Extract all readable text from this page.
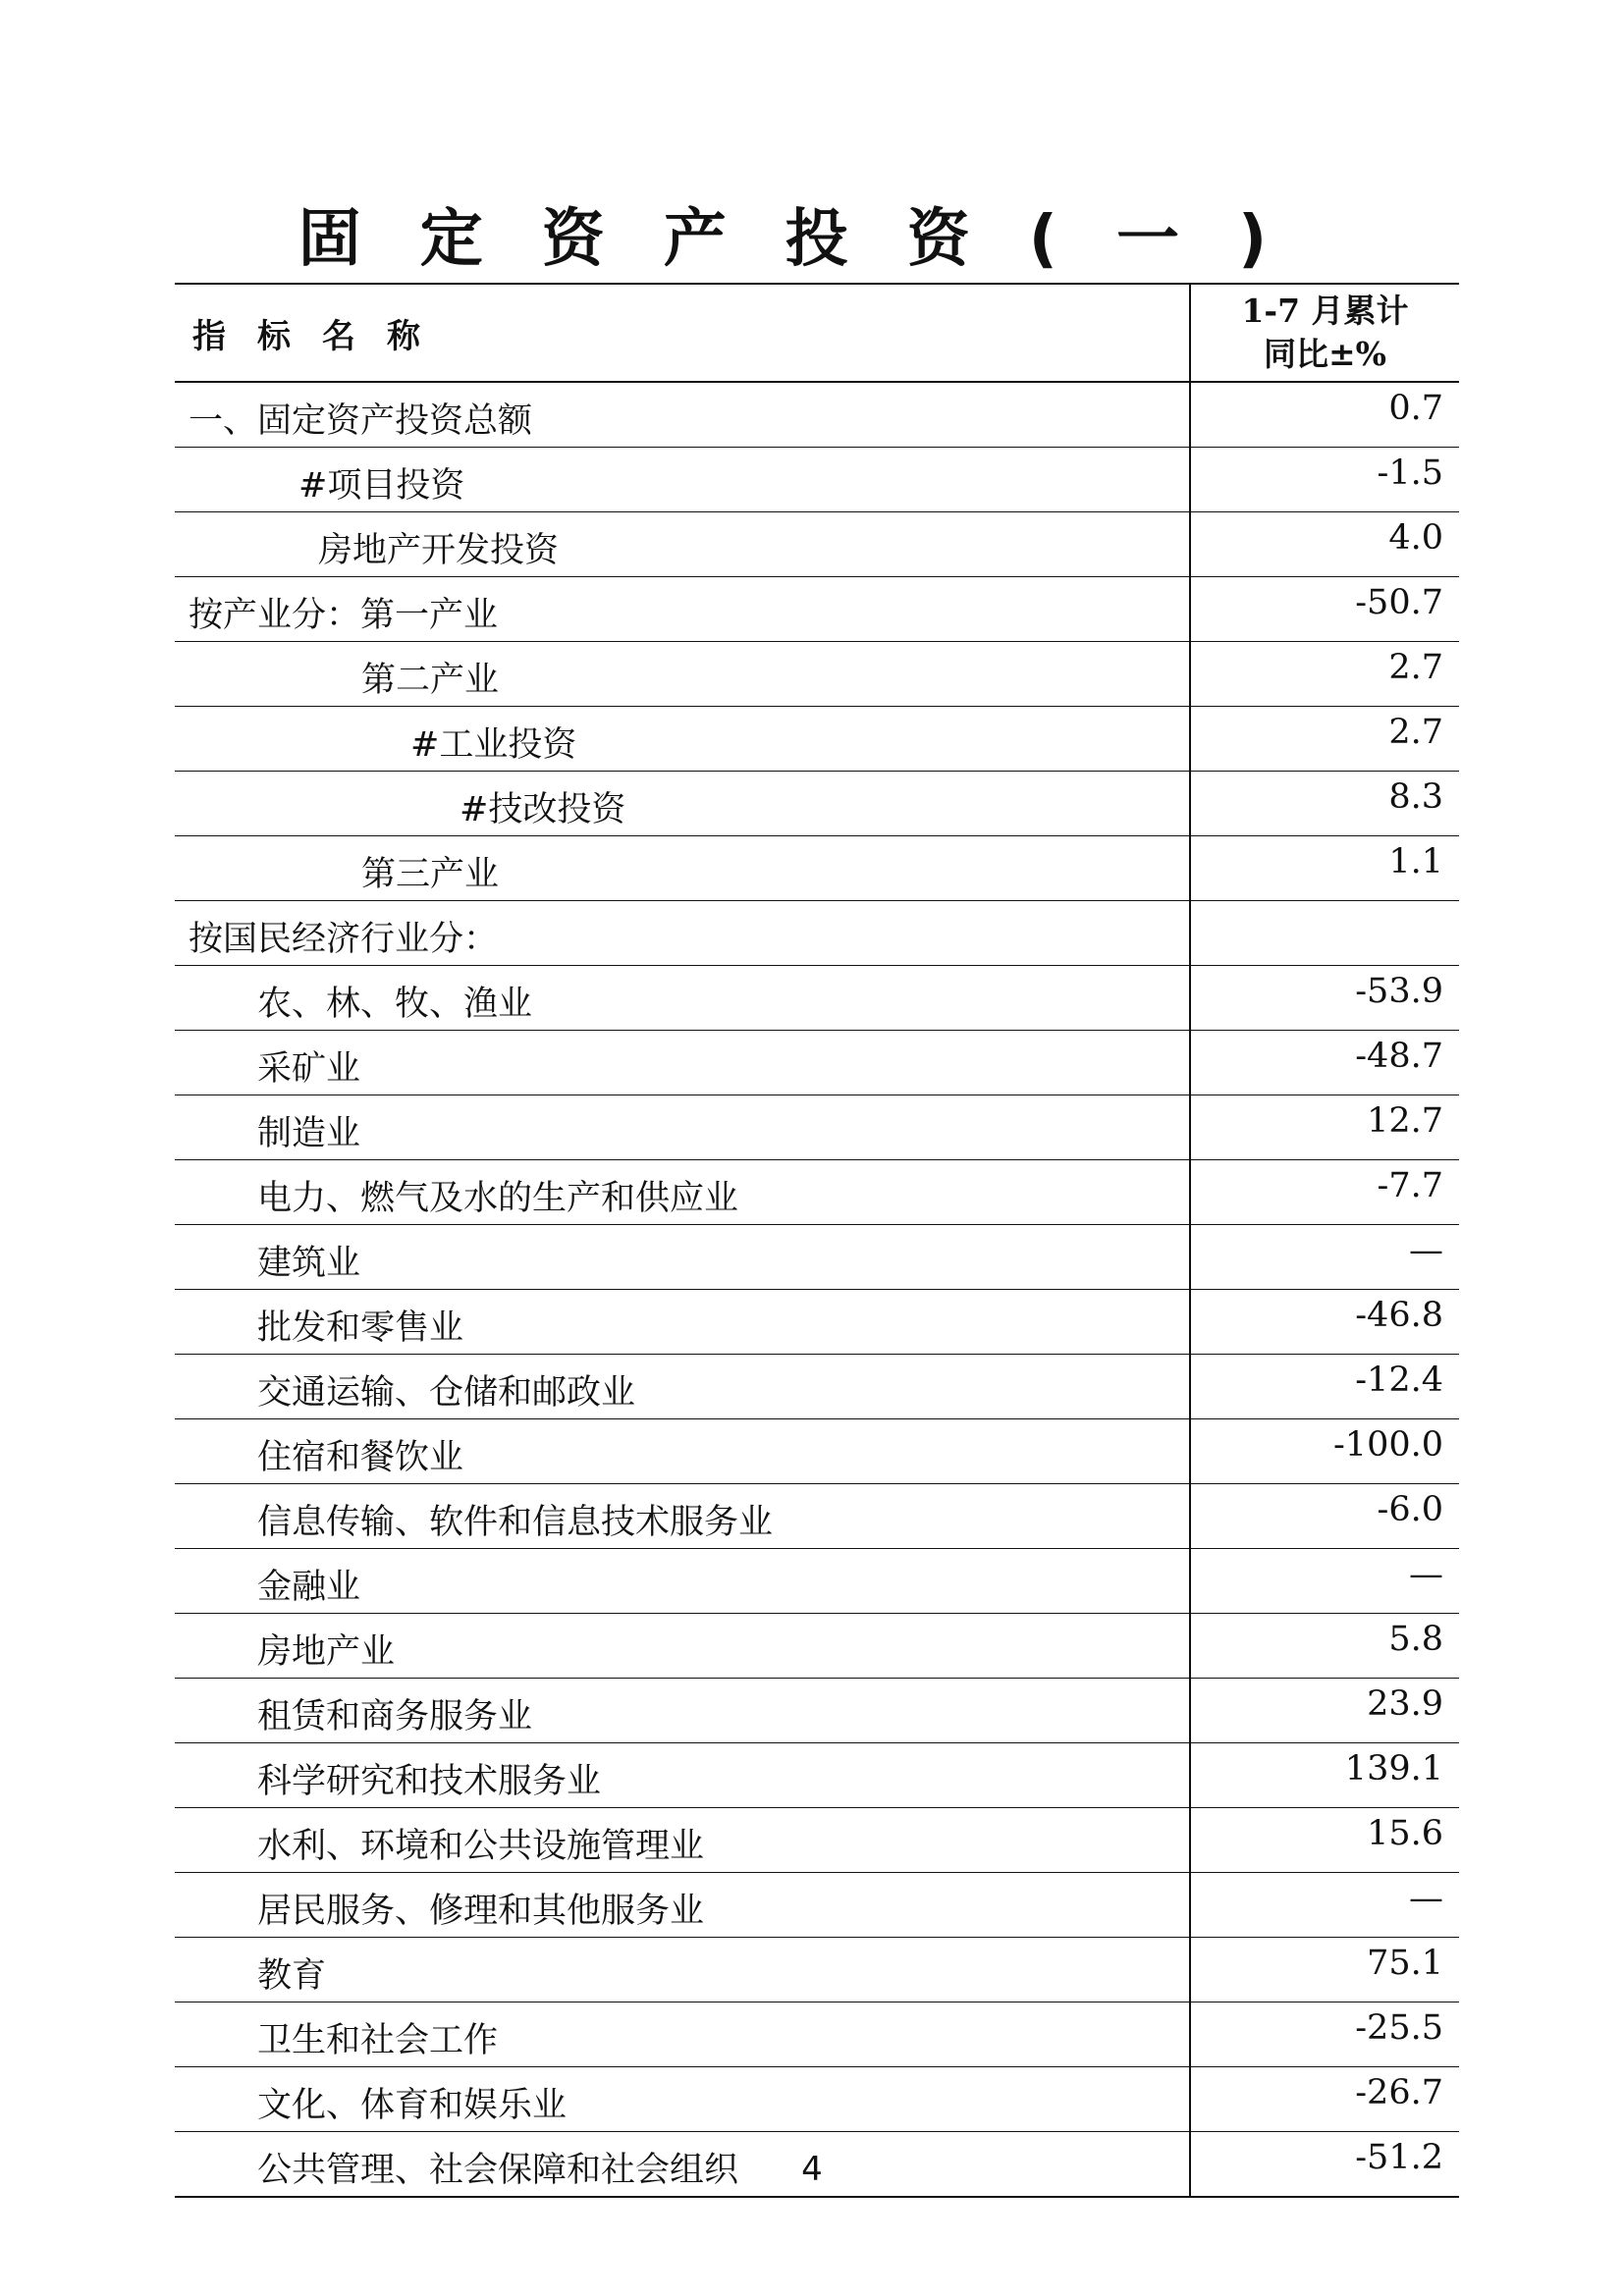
固定资产投资(一)
指标名称	1-7 月累计
同比±%

一、固定资产投资总额	0.7
#项目投资	-1.5
房地产开发投资	4.0
按产业分：第一产业	-50.7
第二产业	2.7
#工业投资	2.7
#技改投资	8.3
第三产业	1.1
按国民经济行业分：	
农、林、牧、渔业	-53.9
采矿业	-48.7
制造业	12.7
电力、燃气及水的生产和供应业	-7.7
建筑业	—
批发和零售业	-46.8
交通运输、仓储和邮政业	-12.4
住宿和餐饮业	-100.0
信息传输、软件和信息技术服务业	-6.0
金融业	—
房地产业	5.8
租赁和商务服务业	23.9
科学研究和技术服务业	139.1
水利、环境和公共设施管理业	15.6
居民服务、修理和其他服务业	—
教育	75.1
卫生和社会工作	-25.5
文化、体育和娱乐业	-26.7
公共管理、社会保障和社会组织	-51.2
4
